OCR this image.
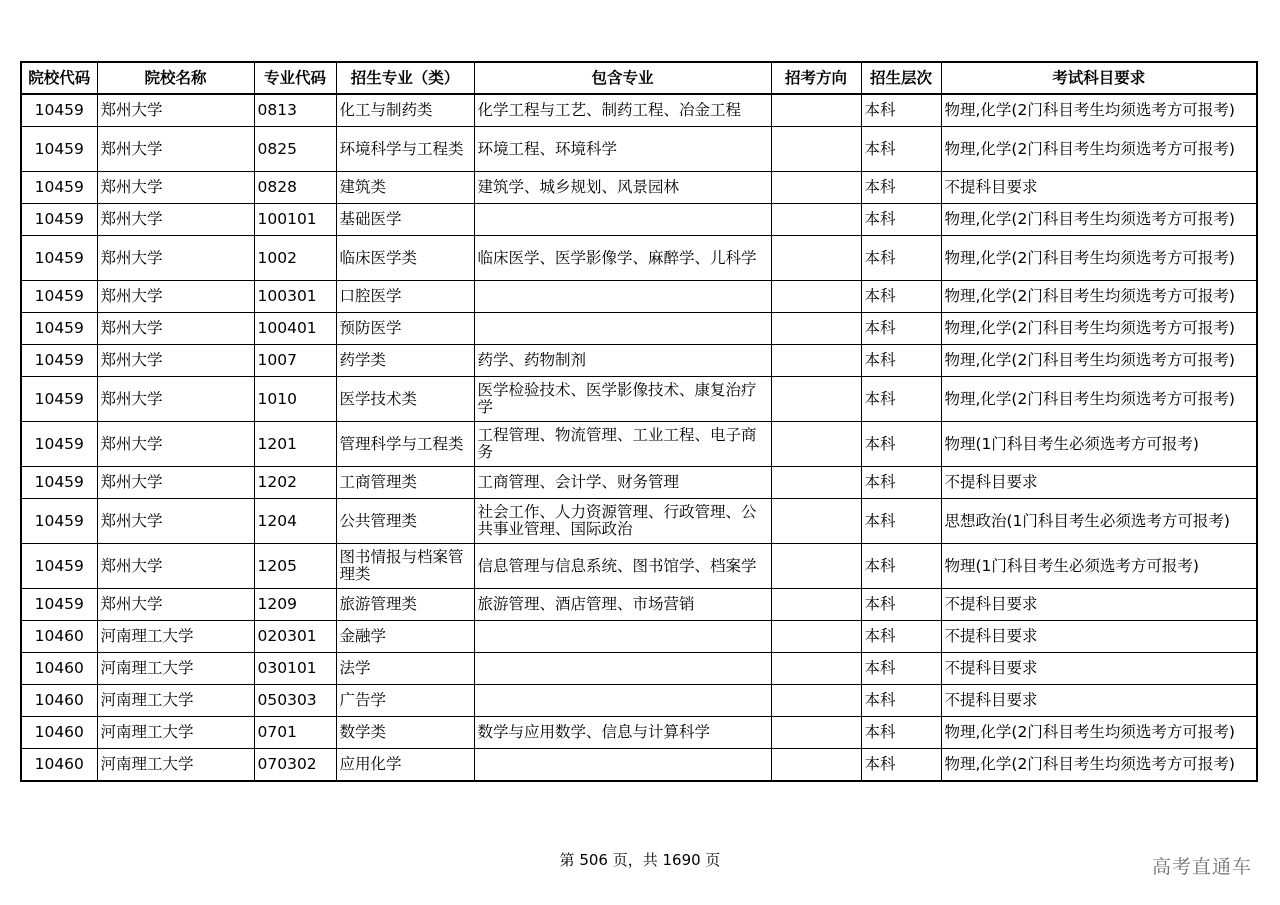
院校代码	院校名称	专业代码	招生专业（类）	包含专业	招考方向	招生层次	考试科目要求
10459	郑州大学	0813	化工与制药类	化学工程与工艺、制药工程、冶金工程		本科	物理,化学(2门科目考生均须选考方可报考)
10459	郑州大学	0825	环境科学与工程类	环境工程、环境科学		本科	物理,化学(2门科目考生均须选考方可报考)
10459	郑州大学	0828	建筑类	建筑学、城乡规划、风景园林		本科	不提科目要求
10459	郑州大学	100101	基础医学			本科	物理,化学(2门科目考生均须选考方可报考)
10459	郑州大学	1002	临床医学类	临床医学、医学影像学、麻醉学、儿科学		本科	物理,化学(2门科目考生均须选考方可报考)
10459	郑州大学	100301	口腔医学			本科	物理,化学(2门科目考生均须选考方可报考)
10459	郑州大学	100401	预防医学			本科	物理,化学(2门科目考生均须选考方可报考)
10459	郑州大学	1007	药学类	药学、药物制剂		本科	物理,化学(2门科目考生均须选考方可报考)
10459	郑州大学	1010	医学技术类	医学检验技术、医学影像技术、康复治疗学		本科	物理,化学(2门科目考生均须选考方可报考)
10459	郑州大学	1201	管理科学与工程类	工程管理、物流管理、工业工程、电子商务		本科	物理(1门科目考生必须选考方可报考)
10459	郑州大学	1202	工商管理类	工商管理、会计学、财务管理		本科	不提科目要求
10459	郑州大学	1204	公共管理类	社会工作、人力资源管理、行政管理、公共事业管理、国际政治		本科	思想政治(1门科目考生必须选考方可报考)
10459	郑州大学	1205	图书情报与档案管理类	信息管理与信息系统、图书馆学、档案学		本科	物理(1门科目考生必须选考方可报考)
10459	郑州大学	1209	旅游管理类	旅游管理、酒店管理、市场营销		本科	不提科目要求
10460	河南理工大学	020301	金融学			本科	不提科目要求
10460	河南理工大学	030101	法学			本科	不提科目要求
10460	河南理工大学	050303	广告学			本科	不提科目要求
10460	河南理工大学	0701	数学类	数学与应用数学、信息与计算科学		本科	物理,化学(2门科目考生均须选考方可报考)
10460	河南理工大学	070302	应用化学			本科	物理,化学(2门科目考生均须选考方可报考)
第 506 页，共 1690 页	高考直通车
